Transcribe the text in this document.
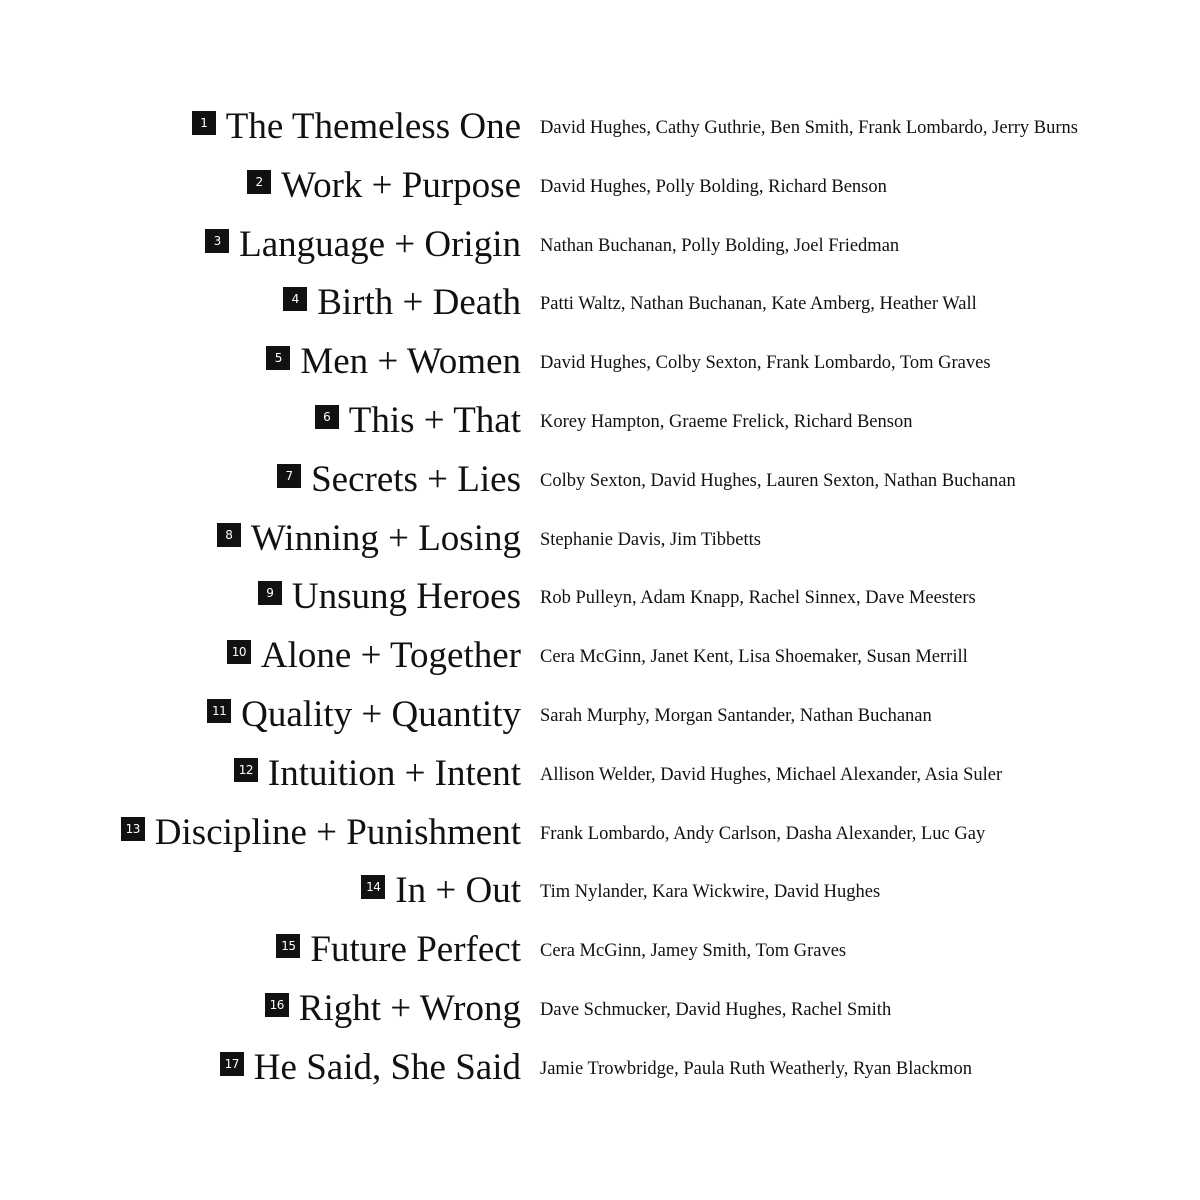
1 The Themeless One David Hughes, Cathy Guthrie, Ben Smith, Frank Lombardo, Jerry Burns
2 Work + Purpose David Hughes, Polly Bolding, Richard Benson
3 Language + Origin Nathan Buchanan, Polly Bolding, Joel Friedman
4 Birth + Death Patti Waltz, Nathan Buchanan, Kate Amberg, Heather Wall
5 Men + Women David Hughes, Colby Sexton, Frank Lombardo, Tom Graves
6 This + That Korey Hampton, Graeme Frelick, Richard Benson
7 Secrets + Lies Colby Sexton, David Hughes, Lauren Sexton, Nathan Buchanan
8 Winning + Losing Stephanie Davis, Jim Tibbetts
9 Unsung Heroes Rob Pulleyn, Adam Knapp, Rachel Sinnex, Dave Meesters
10 Alone + Together Cera McGinn, Janet Kent, Lisa Shoemaker, Susan Merrill
11 Quality + Quantity Sarah Murphy, Morgan Santander, Nathan Buchanan
12 Intuition + Intent Allison Welder, David Hughes, Michael Alexander, Asia Suler
13 Discipline + Punishment Frank Lombardo, Andy Carlson, Dasha Alexander, Luc Gay
14 In + Out Tim Nylander, Kara Wickwire, David Hughes
15 Future Perfect Cera McGinn, Jamey Smith, Tom Graves
16 Right + Wrong Dave Schmucker, David Hughes, Rachel Smith
17 He Said, She Said Jamie Trowbridge, Paula Ruth Weatherly, Ryan Blackmon
